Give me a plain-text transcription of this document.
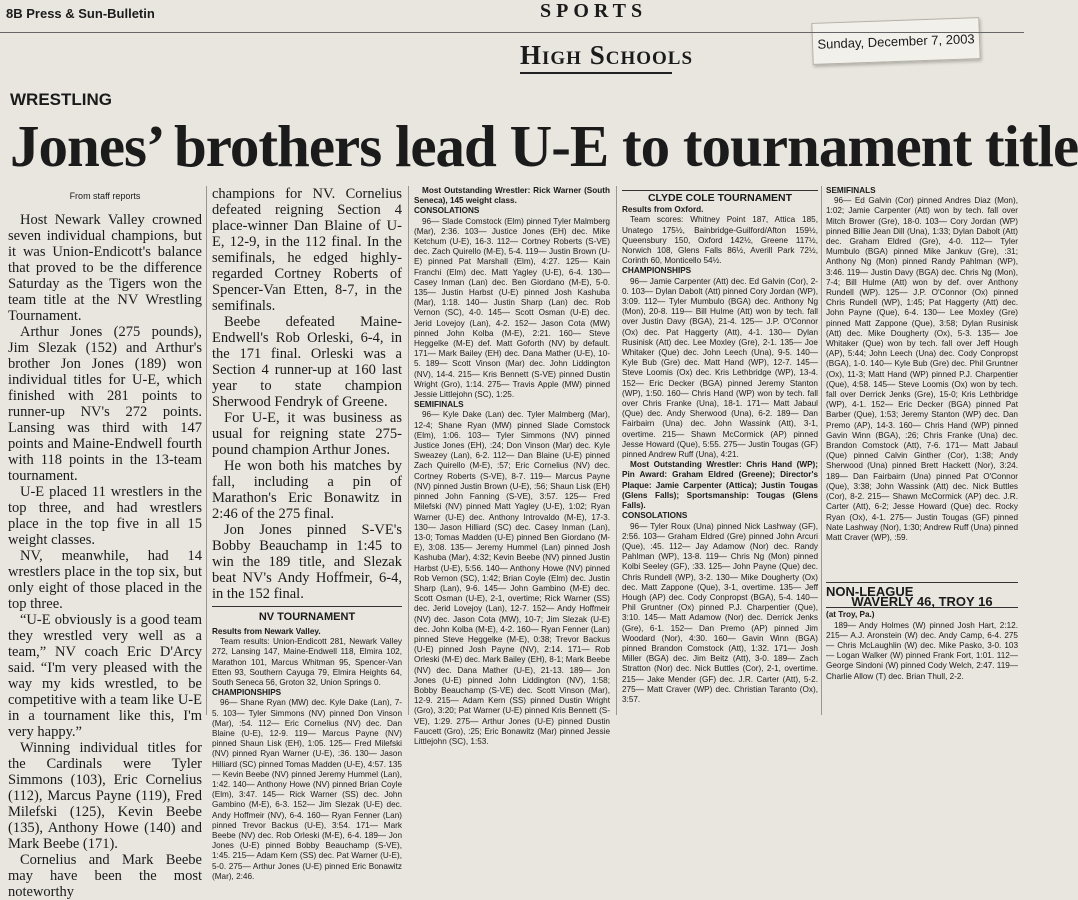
8B Press & Sun-Bulletin	SPORTS
Sunday, December 7, 2003
High Schools
WRESTLING
Jones’ brothers lead U-E to tournament title
From staff reports

Host Newark Valley crowned seven individual champions, but it was Union-Endicott's balance that proved to be the difference Saturday as the Tigers won the team title at the NV Wrestling Tournament.

Arthur Jones (275 pounds), Jim Slezak (152) and Arthur's brother Jon Jones (189) won individual titles for U-E, which finished with 281 points to runner-up NV's 272 points. Lansing was third with 147 points and Maine-Endwell fourth with 118 points in the 13-team tournament.

U-E placed 11 wrestlers in the top three, and had wrestlers place in the top five in all 15 weight classes.

NV, meanwhile, had 14 wrestlers place in the top six, but only eight of those placed in the top three.

“U-E obviously is a good team they wrestled very well as a team,” NV coach Eric D'Arcy said. “I'm very pleased with the way my kids wrestled, to be competitive with a team like U-E in a tournament like this, I'm very happy.”

Winning individual titles for the Cardinals were Tyler Simmons (103), Eric Cornelius (112), Marcus Payne (119), Fred Milefski (125), Kevin Beebe (135), Anthony Howe (140) and Mark Beebe (171).

Cornelius and Mark Beebe may have been the most noteworthy

champions for NV. Cornelius defeated reigning Section 4 place-winner Dan Blaine of U-E, 12-9, in the 112 final. In the semifinals, he edged highly-regarded Cortney Roberts of Spencer-Van Etten, 8-7, in the semifinals.

Beebe defeated Maine-Endwell's Rob Orleski, 6-4, in the 171 final. Orleski was a Section 4 runner-up at 160 last year to state champion Sherwood Fendryk of Greene.

For U-E, it was business as usual for reigning state 275-pound champion Arthur Jones.

He won both his matches by fall, including a pin of Marathon's Eric Bonawitz in 2:46 of the 275 final.

Jon Jones pinned S-VE's Bobby Beauchamp in 1:45 to win the 189 title, and Slezak beat NV's Andy Hoffmeir, 6-4, in the 152 final.

NV TOURNAMENT
Results from Newark Valley.
Team results: Union-Endicott 281, Newark Valley 272, Lansing 147, Maine-Endwell 118, Elmira 102, Marathon 101, Marcus Whitman 95, Spencer-Van Etten 93, Southern Cayuga 79, Elmira Heights 64, South Seneca 56, Groton 32, Union Springs 0.
CHAMPIONSHIPS
96— Shane Ryan (MW) dec. Kyle Dake (Lan), 7-5. 103— Tyler Simmons (NV) pinned Don Vinson (Mar), :54. 112— Eric Cornelius (NV) dec. Dan Blaine (U-E), 12-9. 119— Marcus Payne (NV) pinned Shaun Lisk (EH), 1:05. 125— Fred Milefski (NV) pinned Ryan Warner (U-E), :36. 130— Jason Hilliard (SC) pinned Tomas Madden (U-E), 4:57. 135— Kevin Beebe (NV) pinned Jeremy Hummel (Lan), 1:42. 140— Anthony Howe (NV) pinned Brian Coyle (Elm), 3:47. 145— Rick Warner (SS) dec. John Gambino (M-E), 6-3. 152— Jim Slezak (U-E) dec. Andy Hoffmeir (NV), 6-4. 160— Ryan Fenner (Lan) pinned Trevor Backus (U-E), 3:54. 171— Mark Beebe (NV) dec. Rob Orleski (M-E), 6-4. 189— Jon Jones (U-E) pinned Bobby Beauchamp (S-VE), 1:45. 215— Adam Kern (SS) dec. Pat Warner (U-E), 5-0. 275— Arthur Jones (U-E) pinned Eric Bonawitz (Mar), 2:46.
Most Outstanding Wrestler: Rick Warner (South Seneca), 145 weight class.
CONSOLATIONS
96— Slade Comstock (Elm) pinned Tyler Malmberg (Mar), 2:36. 103— Justice Jones (EH) dec. Mike Ketchum (U-E), 16-3. 112— Cortney Roberts (S-VE) dec. Zach Quirello (M-E), 5-4. 119— Justin Brown (U-E) pinned Pat Marshall (Elm), 4:27. 125— Kain Franchi (Elm) dec. Matt Yagley (U-E), 6-4. 130— Casey Inman (Lan) dec. Ben Giordano (M-E), 5-0. 135— Justin Harbst (U-E) pinned Josh Kashuba (Mar), 1:18. 140— Justin Sharp (Lan) dec. Rob Vernon (SC), 4-0. 145— Scott Osman (U-E) dec. Jerid Lovejoy (Lan), 4-2. 152— Jason Cota (MW) pinned John Kolba (M-E), 2:21. 160— Steve Heggelke (M-E) def. Matt Goforth (NV) by default. 171— Mark Bailey (EH) dec. Dana Mather (U-E), 10-5. 189— Scott Vinson (Mar) dec. John Liddington (NV), 14-4. 215— Kris Bennett (S-VE) pinned Dustin Wright (Gro), 1:14. 275— Travis Apple (MW) pinned Jessie Littlejohn (SC), 1:25.
SEMIFINALS
96— Kyle Dake (Lan) dec. Tyler Malmberg (Mar), 12-4; Shane Ryan (MW) pinned Slade Comstock (Elm), 1:06. 103— Tyler Simmons (NV) pinned Justice Jones (EH), :24; Don Vinson (Mar) dec. Kyle Sweazey (Lan), 6-2. 112— Dan Blaine (U-E) pinned Zach Quirello (M-E), :57; Eric Cornelius (NV) dec. Cortney Roberts (S-VE), 8-7. 119— Marcus Payne (NV) pinned Justin Brown (U-E), :56; Shaun Lisk (EH) pinned John Fanning (S-VE), 3:57. 125— Fred Milefski (NV) pinned Matt Yagley (U-E), 1:02; Ryan Warner (U-E) dec. Anthony Introvaldo (M-E), 17-3. 130— Jason Hilliard (SC) dec. Casey Inman (Lan), 13-0; Tomas Madden (U-E) pinned Ben Giordano (M-E), 3:08. 135— Jeremy Hummel (Lan) pinned Josh Kashuba (Mar), 4:32; Kevin Beebe (NV) pinned Justin Harbst (U-E), 5:56. 140— Anthony Howe (NV) pinned Rob Vernon (SC), 1:42; Brian Coyle (Elm) dec. Justin Sharp (Lan), 9-6. 145— John Gambino (M-E) dec. Scott Osman (U-E), 2-1, overtime; Rick Warner (SS) dec. Jerid Lovejoy (Lan), 12-7. 152— Andy Hoffmeir (NV) dec. Jason Cota (MW), 10-7; Jim Slezak (U-E) dec. John Kolba (M-E), 4-2. 160— Ryan Fenner (Lan) pinned Steve Heggelke (M-E), 0:38; Trevor Backus (U-E) pinned Josh Payne (NV), 2:14. 171— Rob Orleski (M-E) dec. Mark Bailey (EH), 8-1; Mark Beebe (NV) dec. Dana Mather (U-E), 21-13. 189— Jon Jones (U-E) pinned John Liddington (NV), 1:58; Bobby Beauchamp (S-VE) dec. Scott Vinson (Mar), 12-9. 215— Adam Kern (SS) pinned Dustin Wright (Gro), 3:20; Pat Warner (U-E) pinned Kris Bennett (S-VE), 1:29. 275— Arthur Jones (U-E) pinned Dustin Faucett (Gro), :25; Eric Bonawitz (Mar) pinned Jessie Littlejohn (SC), 1:53.
CLYDE COLE TOURNAMENT
Results from Oxford.
Team scores: Whitney Point 187, Attica 185, Unatego 175½, Bainbridge-Guilford/Afton 159½, Queensbury 150, Oxford 142½, Greene 117½, Norwich 108, Glens Falls 86½, Averill Park 72½, Corinth 60, Monticello 54½.
CHAMPIONSHIPS
96— Jamie Carpenter (Att) dec. Ed Galvin (Cor), 2-0. 103— Dylan Dabolt (Att) pinned Cory Jordan (WP), 3:09. 112— Tyler Mumbulo (BGA) dec. Anthony Ng (Mon), 20-8. 119— Bill Hulme (Att) won by tech. fall over Justin Davy (BGA), 21-4. 125— J.P. O'Connor (Ox) dec. Pat Haggerty (Att), 4-1. 130— Dylan Rusinisk (Att) dec. Lee Moxley (Gre), 2-1. 135— Joe Whitaker (Que) dec. John Leech (Una), 9-5. 140— Kyle Bub (Gre) dec. Matt Hand (WP), 12-7. 145— Steve Loomis (Ox) dec. Kris Lethbridge (WP), 13-4. 152— Eric Decker (BGA) pinned Jeremy Stanton (WP), 1:50. 160— Chris Hand (WP) won by tech. fall over Chris Franke (Una), 18-1. 171— Matt Jabaul (Que) dec. Andy Sherwood (Una), 6-2. 189— Dan Fairbairn (Una) dec. John Wassink (Att), 3-1, overtime. 215— Shawn McCormick (AP) pinned Jesse Howard (Que), 5:55. 275— Justin Tougas (GF) pinned Andrew Ruff (Una), 4:21.
Most Outstanding Wrestler: Chris Hand (WP); Pin Award: Graham Eldred (Greene); Director's Plaque: Jamie Carpenter (Attica); Justin Tougas (Glens Falls); Sportsmanship: Tougas (Glens Falls).
CONSOLATIONS
96— Tyler Roux (Una) pinned Nick Lashway (GF), 2:56. 103— Graham Eldred (Gre) pinned John Arcuri (Que), :45. 112— Jay Adamow (Nor) dec. Randy Pahlman (WP), 13-8. 119— Chris Ng (Mon) pinned Kolbi Seeley (GF), :33. 125— John Payne (Que) dec. Chris Rundell (WP), 3-2. 130— Mike Dougherty (Ox) dec. Matt Zappone (Que), 3-1, overtime. 135— Jeff Hough (AP) dec. Cody Conpropst (BGA), 5-4. 140— Phil Gruntner (Ox) pinned P.J. Charpentier (Que), 3:10. 145— Matt Adamow (Nor) dec. Derrick Jenks (Gre), 6-1. 152— Dan Premo (AP) pinned Jim Woodard (Nor), 4:30. 160— Gavin Winn (BGA) pinned Brandon Comstock (Att), 1:32. 171— Josh Miller (BGA) dec. Jim Beitz (Att), 3-0. 189— Zach Stratton (Nor) dec. Nick Buttles (Cor), 2-1, overtime. 215— Jake Mender (GF) dec. J.R. Carter (Att), 5-2. 275— Matt Craver (WP) dec. Christian Taranto (Ox), 3:57.
SEMIFINALS
96— Ed Galvin (Cor) pinned Andres Diaz (Mon), 1:02; Jamie Carpenter (Att) won by tech. fall over Mitch Brower (Gre), 18-0. 103— Cory Jordan (WP) pinned Billie Jean Dill (Una), 1:33; Dylan Dabolt (Att) dec. Graham Eldred (Gre), 4-0. 112— Tyler Mumbulo (BGA) pinned Mike Jankuv (Gre), :31; Anthony Ng (Mon) pinned Randy Pahlman (WP), 3:46. 119— Justin Davy (BGA) dec. Chris Ng (Mon), 7-4; Bill Hulme (Att) won by def. over Anthony Rundell (WP). 125— J.P. O'Connor (Ox) pinned Chris Rundell (WP), 1:45; Pat Haggerty (Att) dec. John Payne (Que), 6-4. 130— Lee Moxley (Gre) pinned Matt Zappone (Que), 3:58; Dylan Rusinisk (Att) dec. Mike Dougherty (Ox), 5-3. 135— Joe Whitaker (Que) won by tech. fall over Jeff Hough (AP), 5:44; John Leech (Una) dec. Cody Conpropst (BGA), 1-0. 140— Kyle Bub (Gre) dec. Phil Gruntner (Ox), 11-3; Matt Hand (WP) pinned P.J. Charpentier (Que), 4:58. 145— Steve Loomis (Ox) won by tech. fall over Derrick Jenks (Gre), 15-0; Kris Lethbridge (WP), 4-1. 152— Eric Decker (BGA) pinned Pat Barber (Que), 1:53; Jeremy Stanton (WP) dec. Dan Premo (AP), 14-3. 160— Chris Hand (WP) pinned Gavin Winn (BGA), :26; Chris Franke (Una) dec. Brandon Comstock (Att), 7-6. 171— Matt Jabaul (Que) pinned Calvin Ginther (Cor), 1:38; Andy Sherwood (Una) pinned Brett Hackett (Nor), 3:24. 189— Dan Fairbairn (Una) pinned Pat O'Connor (Que), 3:38; John Wassink (Att) dec. Nick Buttles (Cor), 8-2. 215— Shawn McCormick (AP) dec. J.R. Carter (Att), 6-2; Jesse Howard (Que) dec. Rocky Ryan (Ox), 4-1. 275— Justin Tougas (GF) pinned Nate Lashway (Nor), 1:30; Andrew Ruff (Una) pinned Matt Craver (WP), :59.
NON-LEAGUE
WAVERLY 46, TROY 16
(at Troy, Pa.)
189— Andy Holmes (W) pinned Josh Hart, 2:12. 215— A.J. Aronstein (W) dec. Andy Camp, 6-4. 275— Chris McLaughlin (W) dec. Mike Pasko, 3-0. 103— Logan Walker (W) pinned Frank Fort, 1:01. 112— George Sindoni (W) pinned Cody Welch, 2:47. 119— Charlie Allow (T) dec. Brian Thull, 2-2.
